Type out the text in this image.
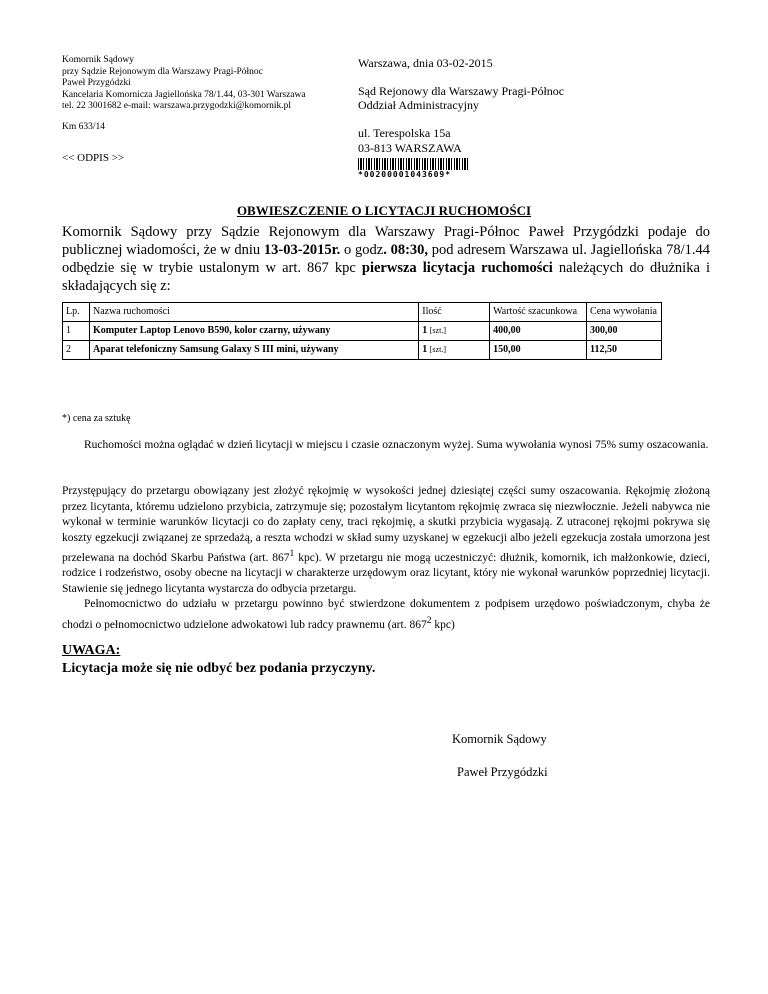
Komornik Sądowy
przy Sądzie Rejonowym dla Warszawy Pragi-Północ
Paweł Przygódzki
Kancelaria Komornicza Jagiellońska 78/1.44, 03-301 Warszawa
tel. 22 3001682 e-mail: warszawa.przygodzki@komornik.pl
Km 633/14
<< ODPIS >>
Warszawa, dnia 03-02-2015
Sąd Rejonowy dla Warszawy Pragi-Północ
Oddział Administracyjny
ul. Terespolska 15a
03-813 WARSZAWA
*00200001043609*
OBWIESZCZENIE O LICYTACJI RUCHOMOŚCI
Komornik Sądowy przy Sądzie Rejonowym dla Warszawy Pragi-Północ Paweł Przygódzki podaje do publicznej wiadomości, że w dniu 13-03-2015r. o godz. 08:30, pod adresem Warszawa ul. Jagiellońska 78/1.44 odbędzie się w trybie ustalonym w art. 867 kpc pierwsza licytacja ruchomości należących do dłużnika i składających się z:
Lp.	Nazwa ruchomości	Ilość	Wartość szacunkowa	Cena wywołania
1	Komputer Laptop Lenovo B590, kolor czarny, używany	1 [szt.]	400,00	300,00
2	Aparat telefoniczny Samsung Galaxy S III mini, używany	1 [szt.]	150,00	112,50
*) cena za sztukę
Ruchomości można oglądać w dzień licytacji w miejscu i czasie oznaczonym wyżej. Suma wywołania wynosi 75% sumy oszacowania.
Przystępujący do przetargu obowiązany jest złożyć rękojmię w wysokości jednej dziesiątej części sumy oszacowania. Rękojmię złożoną przez licytanta, któremu udzielono przybicia, zatrzymuje się; pozostałym licytantom rękojmię zwraca się niezwłocznie. Jeżeli nabywca nie wykonał w terminie warunków licytacji co do zapłaty ceny, traci rękojmię, a skutki przybicia wygasają. Z utraconej rękojmi pokrywa się koszty egzekucji związanej ze sprzedażą, a reszta wchodzi w skład sumy uzyskanej w egzekucji albo jeżeli egzekucja została umorzona jest przelewana na dochód Skarbu Państwa (art. $867^1$ kpc). W przetargu nie mogą uczestniczyć: dłużnik, komornik, ich małżonkowie, dzieci, rodzice i rodzeństwo, osoby obecne na licytacji w charakterze urzędowym oraz licytant, który nie wykonał warunków poprzedniej licytacji. Stawienie się jednego licytanta wystarcza do odbycia przetargu.
Pełnomocnictwo do udziału w przetargu powinno być stwierdzone dokumentem z podpisem urzędowo poświadczonym, chyba że chodzi o pełnomocnictwo udzielone adwokatowi lub radcy prawnemu (art. $867^2$ kpc)
UWAGA:
Licytacja może się nie odbyć bez podania przyczyny.
Komornik Sądowy
Paweł Przygódzki
